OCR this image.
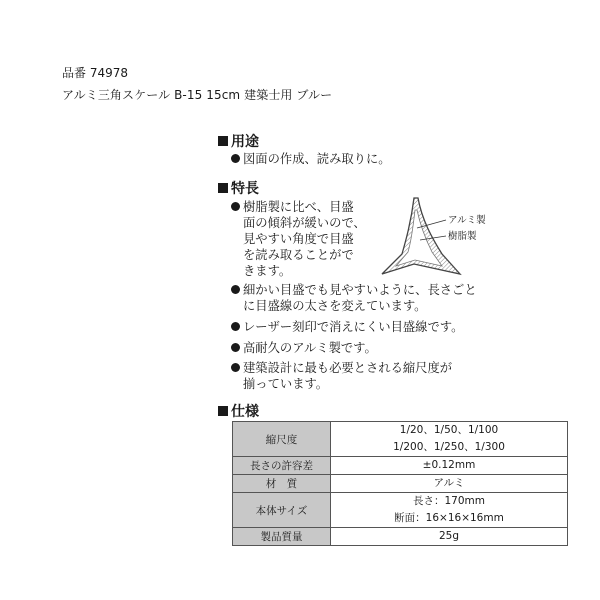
品番 74978
アルミ三角スケール B-15 15cm 建築士用 ブルー
用途
図面の作成、読み取りに。
特長
樹脂製に比べ、目盛
面の傾斜が緩いので、
見やすい角度で目盛
を読み取ることがで
きます。
アルミ製
樹脂製
細かい目盛でも見やすいように、長さごと
に目盛線の太さを変えています。
レーザー刻印で消えにくい目盛線です。
高耐久のアルミ製です。
建築設計に最も必要とされる縮尺度が
揃っています。
仕様
縮尺度	1/20、1/50、1/100
1/200、1/250、1/300

長さの許容差	±0.12mm

材　質	アルミ

本体サイズ	長さ：170mm
断面：16×16×16mm

製品質量	25g
